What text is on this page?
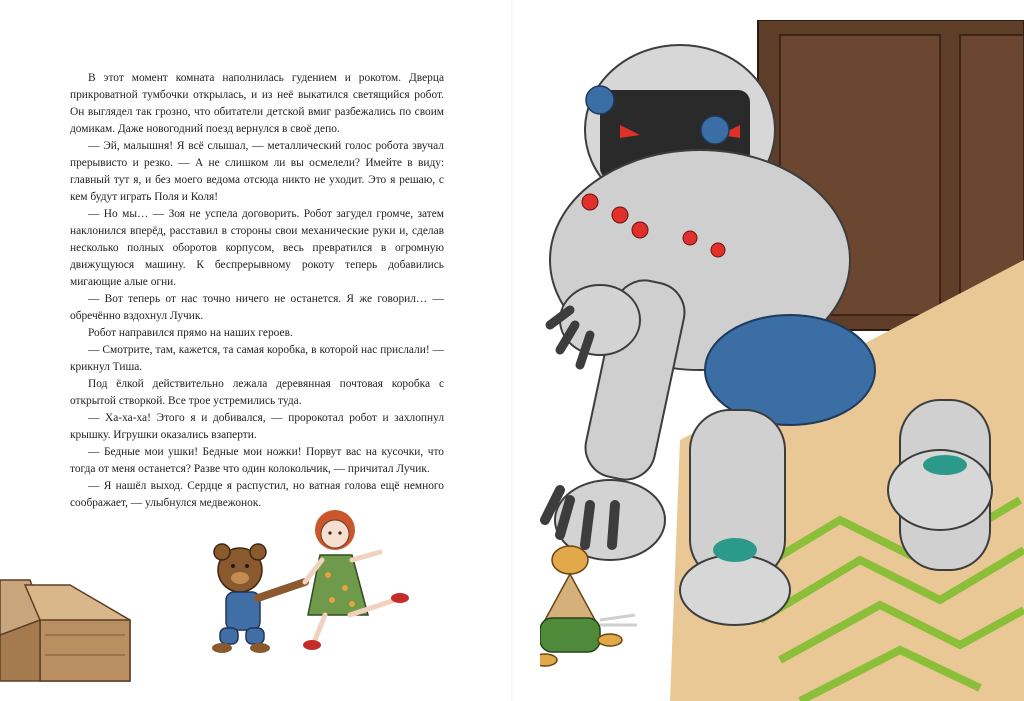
В этот момент комната наполнилась гудением и рокотом. Дверца прикроватной тумбочки открылась, и из неё выкатился светящийся робот. Он выглядел так грозно, что обитатели детской вмиг разбежались по своим домикам. Даже новогодний поезд вернулся в своё депо.

— Эй, малышня! Я всё слышал, — металлический голос робота звучал прерывисто и резко. — А не слишком ли вы осмелели? Имейте в виду: главный тут я, и без моего ведома отсюда никто не уходит. Это я решаю, с кем будут играть Поля и Коля!

— Но мы… — Зоя не успела договорить. Робот загудел громче, затем наклонился вперёд, расставил в стороны свои механические руки и, сделав несколько полных оборотов корпусом, весь превратился в огромную движущуюся машину. К беспрерывному рокоту теперь добавились мигающие алые огни.

— Вот теперь от нас точно ничего не останется. Я же говорил… — обречённо вздохнул Лучик.

Робот направился прямо на наших героев.

— Смотрите, там, кажется, та самая коробка, в которой нас прислали! — крикнул Тиша.

Под ёлкой действительно лежала деревянная почтовая коробка с открытой створкой. Все трое устремились туда.

— Ха-ха-ха! Этого я и добивался, — пророкотал робот и захлопнул крышку. Игрушки оказались взаперти.

— Бедные мои ушки! Бедные мои ножки! Порвут вас на кусочки, что тогда от меня останется? Разве что один колокольчик, — причитал Лучик.

— Я нашёл выход. Сердце я распустил, но ватная голова ещё немного соображает, — улыбнулся медвежонок.
